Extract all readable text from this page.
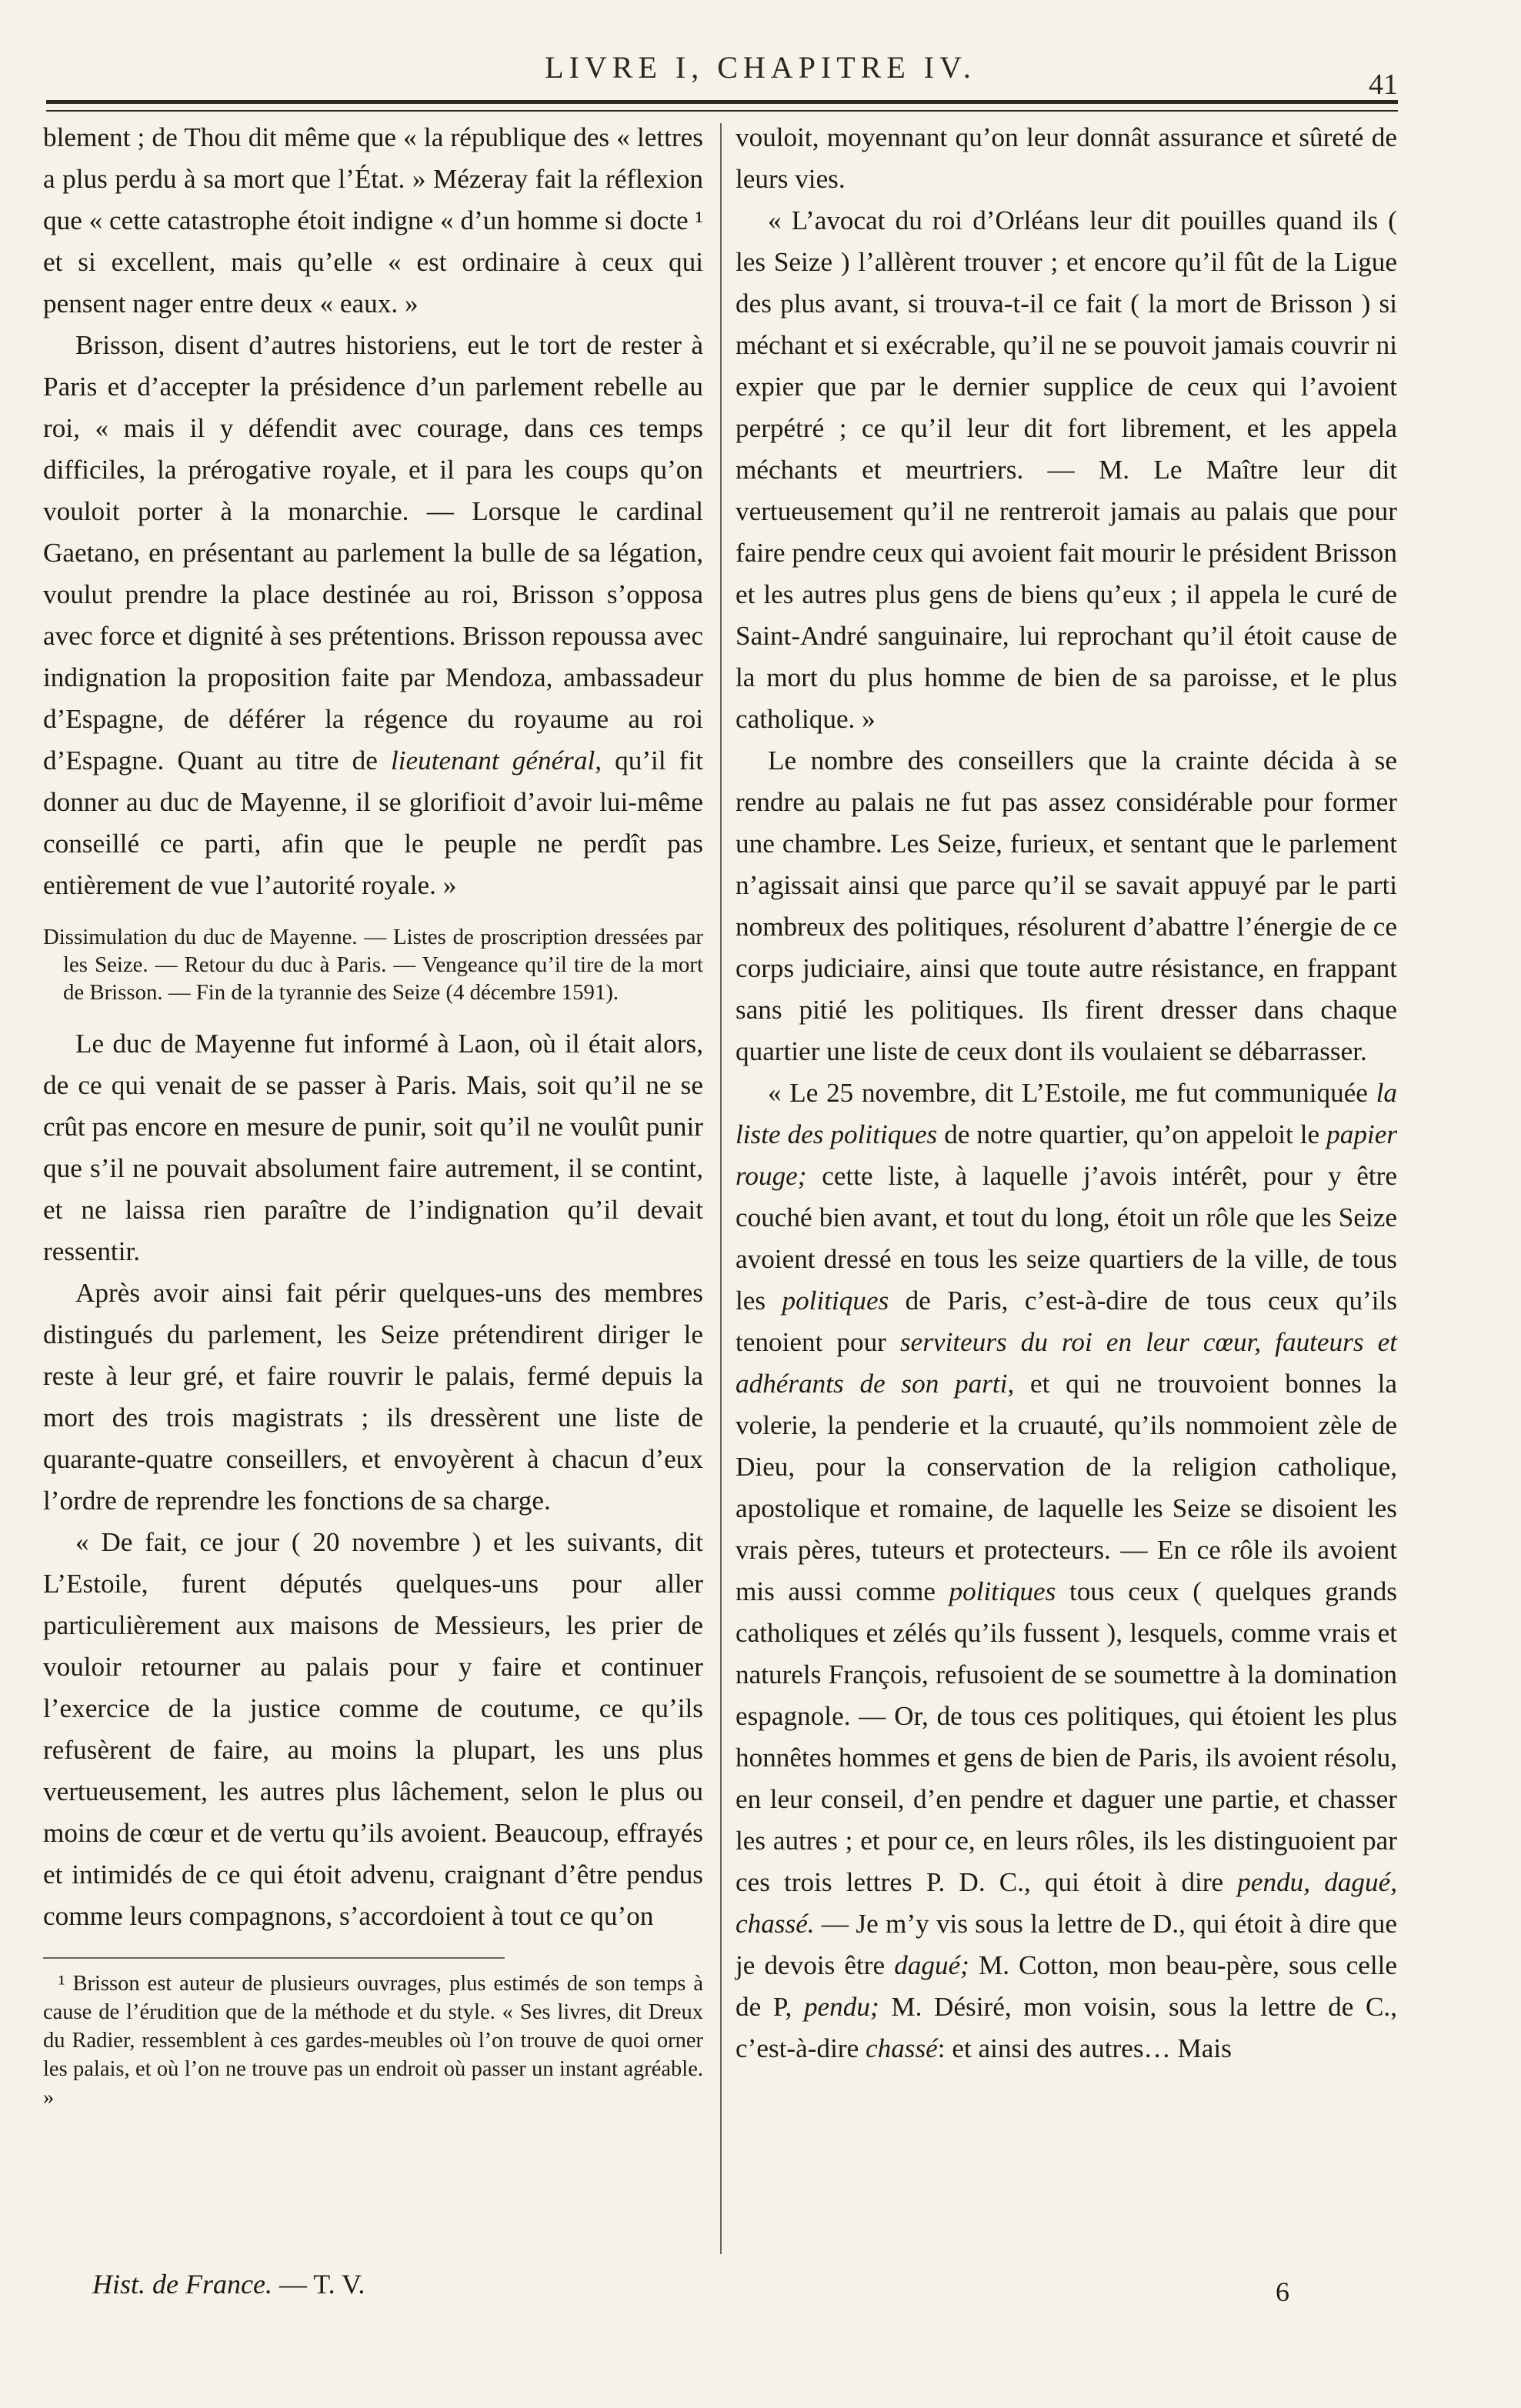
LIVRE I, CHAPITRE IV.	41

blement ; de Thou dit même que « la république des « lettres a plus perdu à sa mort que l’État. » Mézeray fait la réflexion que « cette catastrophe étoit indigne « d’un homme si docte ¹ et si excellent, mais qu’elle « est ordinaire à ceux qui pensent nager entre deux « eaux. »

Brisson, disent d’autres historiens, eut le tort de rester à Paris et d’accepter la présidence d’un parlement rebelle au roi, « mais il y défendit avec courage, dans ces temps difficiles, la prérogative royale, et il para les coups qu’on vouloit porter à la monarchie. — Lorsque le cardinal Gaetano, en présentant au parlement la bulle de sa légation, voulut prendre la place destinée au roi, Brisson s’opposa avec force et dignité à ses prétentions. Brisson repoussa avec indignation la proposition faite par Mendoza, ambassadeur d’Espagne, de déférer la régence du royaume au roi d’Espagne. Quant au titre de lieutenant général, qu’il fit donner au duc de Mayenne, il se glorifioit d’avoir lui-même conseillé ce parti, afin que le peuple ne perdît pas entièrement de vue l’autorité royale. »

Dissimulation du duc de Mayenne. — Listes de proscription dressées par les Seize. — Retour du duc à Paris. — Vengeance qu’il tire de la mort de Brisson. — Fin de la tyrannie des Seize (4 décembre 1591).

Le duc de Mayenne fut informé à Laon, où il était alors, de ce qui venait de se passer à Paris. Mais, soit qu’il ne se crût pas encore en mesure de punir, soit qu’il ne voulût punir que s’il ne pouvait absolument faire autrement, il se contint, et ne laissa rien paraître de l’indignation qu’il devait ressentir.

Après avoir ainsi fait périr quelques-uns des membres distingués du parlement, les Seize prétendirent diriger le reste à leur gré, et faire rouvrir le palais, fermé depuis la mort des trois magistrats ; ils dressèrent une liste de quarante-quatre conseillers, et envoyèrent à chacun d’eux l’ordre de reprendre les fonctions de sa charge.

« De fait, ce jour ( 20 novembre ) et les suivants, dit L’Estoile, furent députés quelques-uns pour aller particulièrement aux maisons de Messieurs, les prier de vouloir retourner au palais pour y faire et continuer l’exercice de la justice comme de coutume, ce qu’ils refusèrent de faire, au moins la plupart, les uns plus vertueusement, les autres plus lâchement, selon le plus ou moins de cœur et de vertu qu’ils avoient. Beaucoup, effrayés et intimidés de ce qui étoit advenu, craignant d’être pendus comme leurs compagnons, s’accordoient à tout ce qu’on

¹ Brisson est auteur de plusieurs ouvrages, plus estimés de son temps à cause de l’érudition que de la méthode et du style. « Ses livres, dit Dreux du Radier, ressemblent à ces gardes-meubles où l’on trouve de quoi orner les palais, et où l’on ne trouve pas un endroit où passer un instant agréable. »

vouloit, moyennant qu’on leur donnât assurance et sûreté de leurs vies.

« L’avocat du roi d’Orléans leur dit pouilles quand ils ( les Seize ) l’allèrent trouver ; et encore qu’il fût de la Ligue des plus avant, si trouva-t-il ce fait ( la mort de Brisson ) si méchant et si exécrable, qu’il ne se pouvoit jamais couvrir ni expier que par le dernier supplice de ceux qui l’avoient perpétré ; ce qu’il leur dit fort librement, et les appela méchants et meurtriers. — M. Le Maître leur dit vertueusement qu’il ne rentreroit jamais au palais que pour faire pendre ceux qui avoient fait mourir le président Brisson et les autres plus gens de biens qu’eux ; il appela le curé de Saint-André sanguinaire, lui reprochant qu’il étoit cause de la mort du plus homme de bien de sa paroisse, et le plus catholique. »

Le nombre des conseillers que la crainte décida à se rendre au palais ne fut pas assez considérable pour former une chambre. Les Seize, furieux, et sentant que le parlement n’agissait ainsi que parce qu’il se savait appuyé par le parti nombreux des politiques, résolurent d’abattre l’énergie de ce corps judiciaire, ainsi que toute autre résistance, en frappant sans pitié les politiques. Ils firent dresser dans chaque quartier une liste de ceux dont ils voulaient se débarrasser.

« Le 25 novembre, dit L’Estoile, me fut communiquée la liste des politiques de notre quartier, qu’on appeloit le papier rouge; cette liste, à laquelle j’avois intérêt, pour y être couché bien avant, et tout du long, étoit un rôle que les Seize avoient dressé en tous les seize quartiers de la ville, de tous les politiques de Paris, c’est-à-dire de tous ceux qu’ils tenoient pour serviteurs du roi en leur cœur, fauteurs et adhérants de son parti, et qui ne trouvoient bonnes la volerie, la penderie et la cruauté, qu’ils nommoient zèle de Dieu, pour la conservation de la religion catholique, apostolique et romaine, de laquelle les Seize se disoient les vrais pères, tuteurs et protecteurs. — En ce rôle ils avoient mis aussi comme politiques tous ceux ( quelques grands catholiques et zélés qu’ils fussent ), lesquels, comme vrais et naturels François, refusoient de se soumettre à la domination espagnole. — Or, de tous ces politiques, qui étoient les plus honnêtes hommes et gens de bien de Paris, ils avoient résolu, en leur conseil, d’en pendre et daguer une partie, et chasser les autres ; et pour ce, en leurs rôles, ils les distinguoient par ces trois lettres P. D. C., qui étoit à dire pendu, dagué, chassé. — Je m’y vis sous la lettre de D., qui étoit à dire que je devois être dagué; M. Cotton, mon beau-père, sous celle de P, pendu; M. Désiré, mon voisin, sous la lettre de C., c’est-à-dire chassé: et ainsi des autres… Mais

Hist. de France. — T. V.	6
